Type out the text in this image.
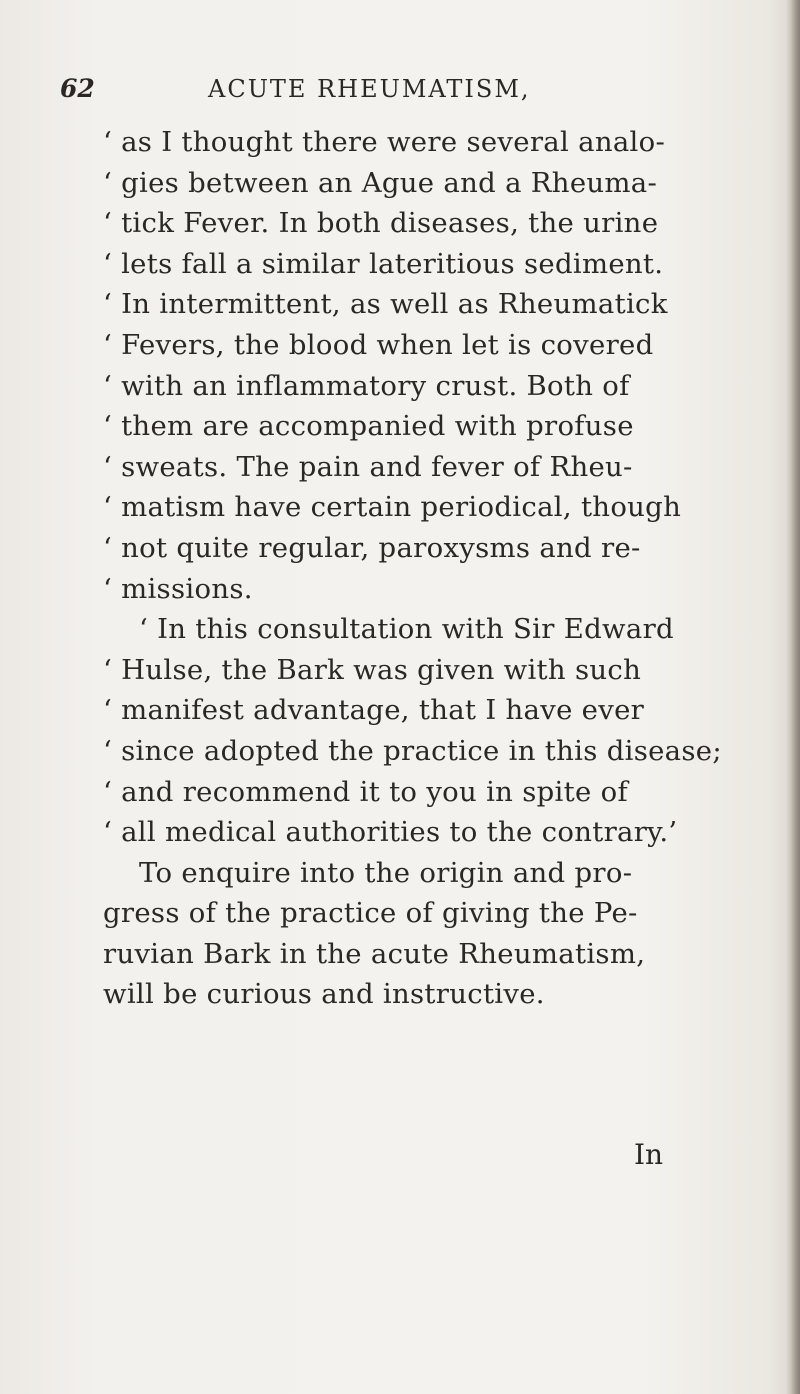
62	ACUTE RHEUMATISM,
‘ as I thought there were several analo-
‘ gies between an Ague and a Rheuma-
‘ tick Fever. In both diseases, the urine
‘ lets fall a similar lateritious sediment.
‘ In intermittent, as well as Rheumatick
‘ Fevers, the blood when let is covered
‘ with an inflammatory crust. Both of
‘ them are accompanied with profuse
‘ sweats. The pain and fever of Rheu-
‘ matism have certain periodical, though
‘ not quite regular, paroxysms and re-
‘ missions.
‘ In this consultation with Sir Edward
‘ Hulse, the Bark was given with such
‘ manifest advantage, that I have ever
‘ since adopted the practice in this disease;
‘ and recommend it to you in spite of
‘ all medical authorities to the contrary.’
To enquire into the origin and pro-
gress of the practice of giving the Pe-
ruvian Bark in the acute Rheumatism,
will be curious and instructive.
In
